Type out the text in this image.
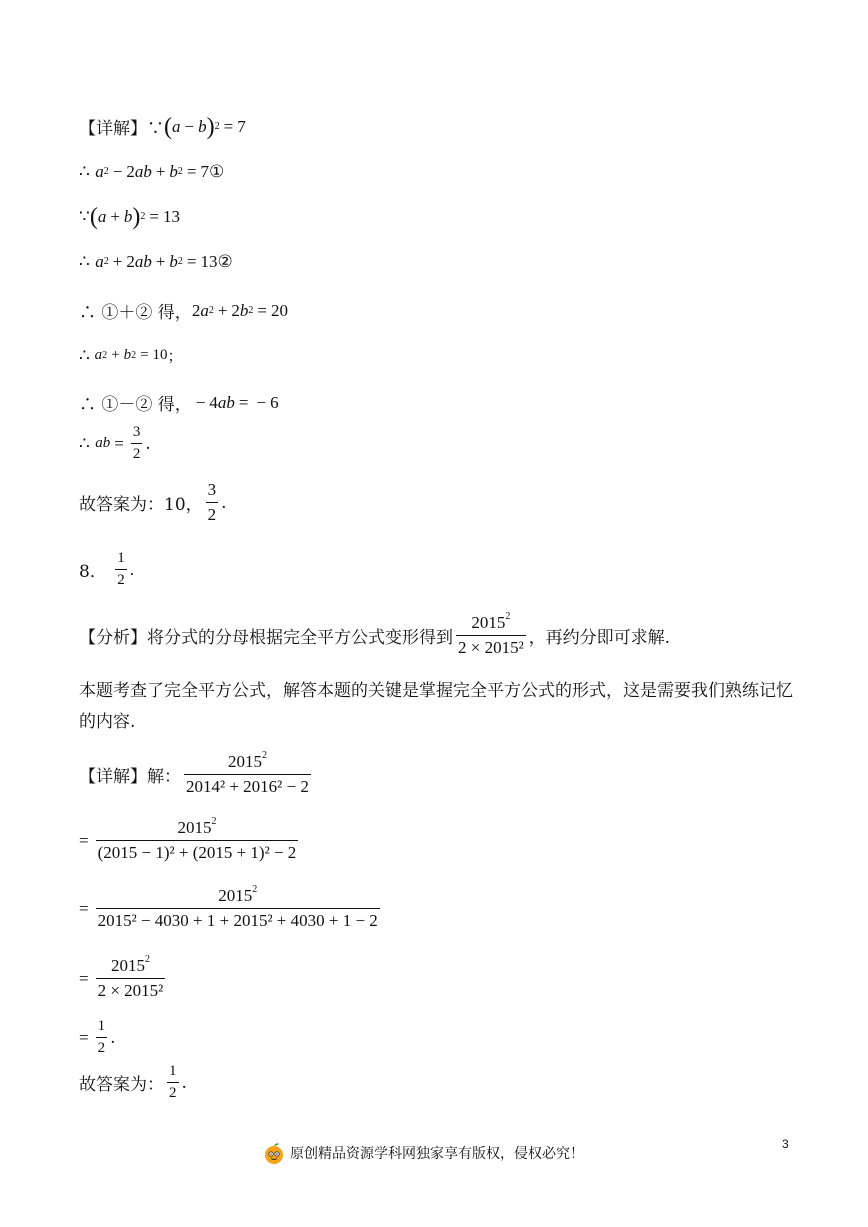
【详解】∵ ( a − b ) 2 = 7
∴
a 2 − 2 ab + b 2 = 7 ①
∵ ( a + b ) 2 = 13
∴
a 2 + 2 ab + b 2 = 13 ②
∴ ①＋② 得， 2 a 2 + 2 b 2 = 20
∴
a 2 + b 2 = 10 ；
∴ ①－② 得， − 4 ab = − 6
∴
ab = $\frac{3}{2}$ .
故答案为：10， $\frac{3}{2}$ .
8．
$\frac{1}{2}$ .
【分析】将分式的分母根据完全平方公式变形得到 $\frac{2015^2}{\text{2 × 2015²}}$ ，再约分即可求解.
本题考查了完全平方公式，解答本题的关键是掌握完全平方公式的形式，这是需要我们熟练记忆的内容.
【详解】解： $\frac{2015^2}{\text{2014² + 2016² − 2}}$
= $\frac{2015^2}{\text{(2015 − 1)² + (2015 + 1)² − 2}}$
= $\frac{2015^2}{\text{2015² − 4030 + 1 + 2015² + 4030 + 1 − 2}}$
= $\frac{2015^2}{\text{2 × 2015²}}$
= $\frac{1}{2}$ .
故答案为： $\frac{1}{2}$ .
原创精品资源学科网独家享有版权，侵权必究！
3
